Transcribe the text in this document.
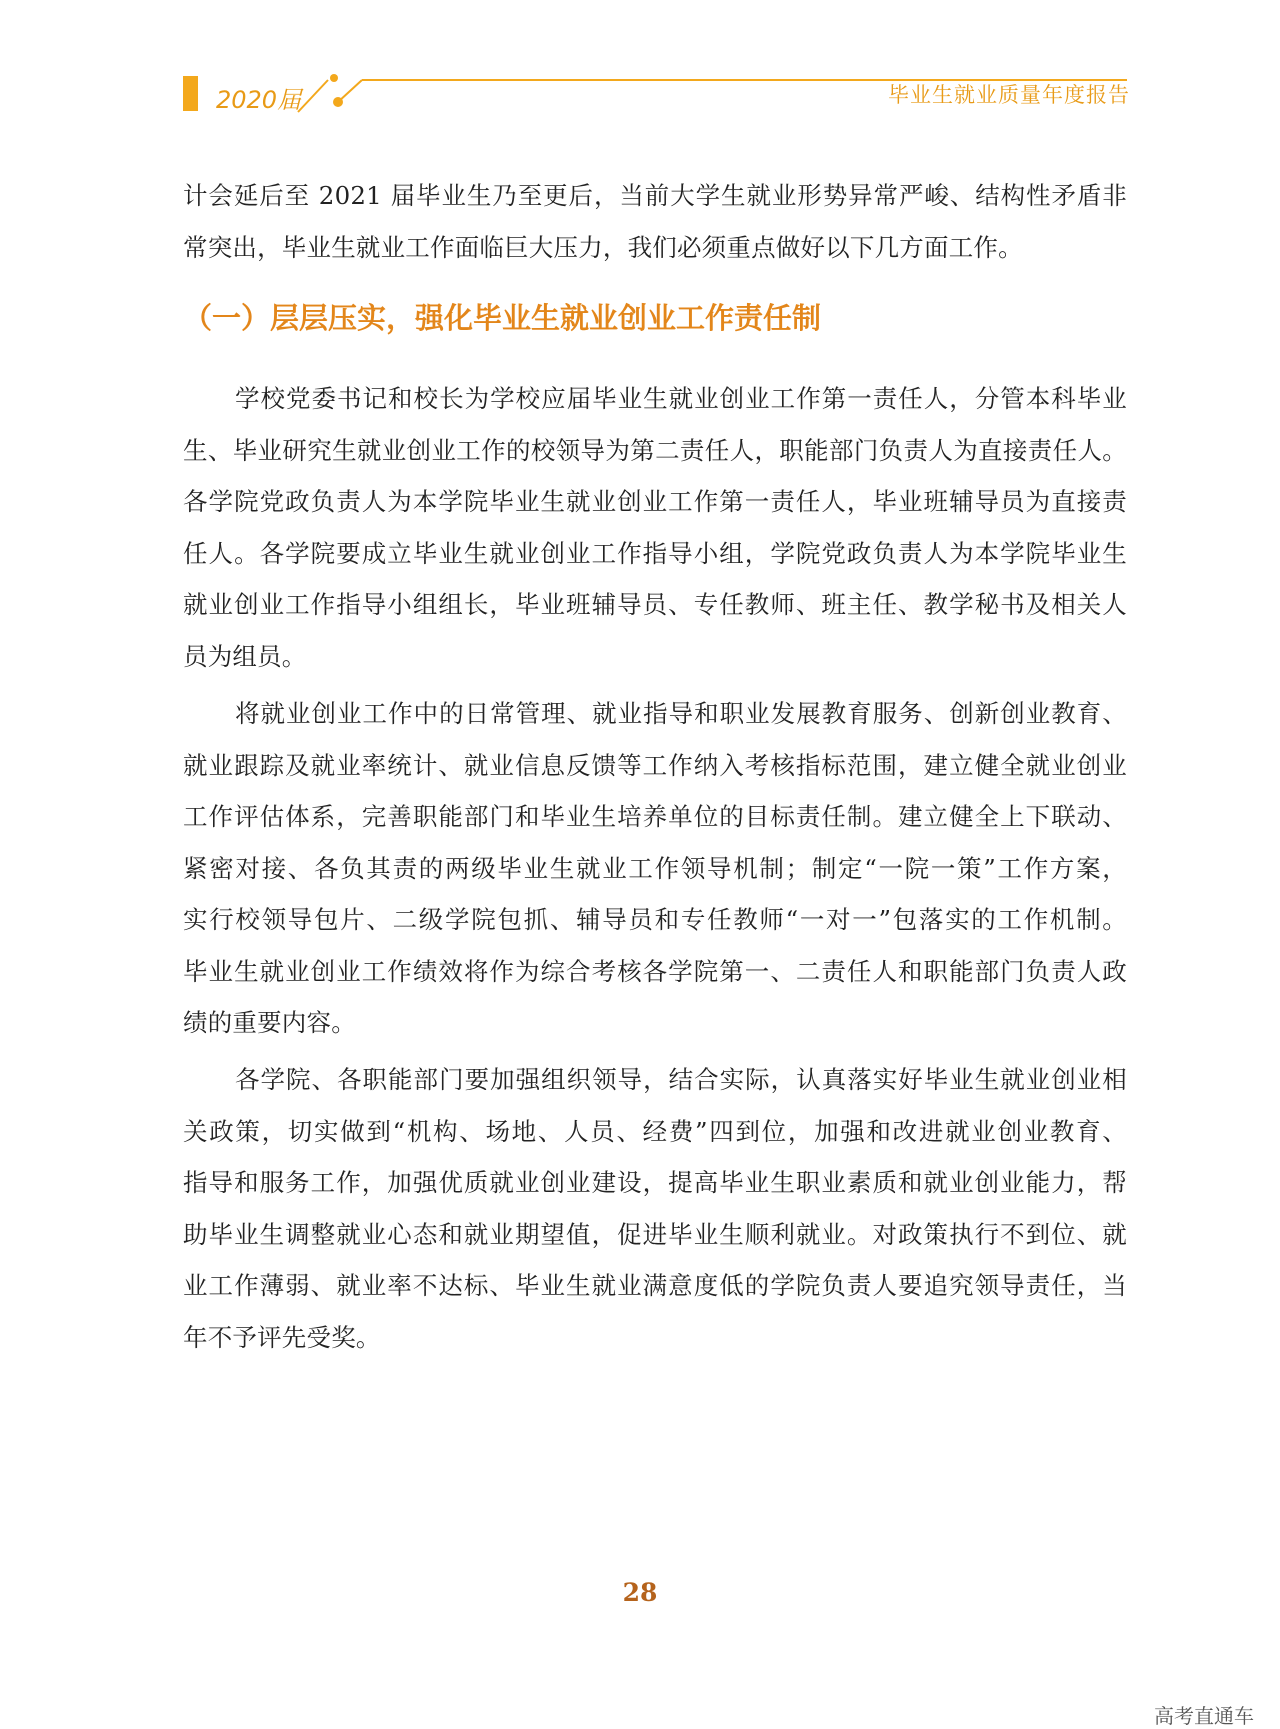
2020届	毕业生就业质量年度报告
计会延后至 2021 届毕业生乃至更后，当前大学生就业形势异常严峻、结构性矛盾非
常突出，毕业生就业工作面临巨大压力，我们必须重点做好以下几方面工作。
（一）层层压实，强化毕业生就业创业工作责任制
学校党委书记和校长为学校应届毕业生就业创业工作第一责任人，分管本科毕业
生、毕业研究生就业创业工作的校领导为第二责任人，职能部门负责人为直接责任人。
各学院党政负责人为本学院毕业生就业创业工作第一责任人，毕业班辅导员为直接责
任人。各学院要成立毕业生就业创业工作指导小组，学院党政负责人为本学院毕业生
就业创业工作指导小组组长，毕业班辅导员、专任教师、班主任、教学秘书及相关人
员为组员。
将就业创业工作中的日常管理、就业指导和职业发展教育服务、创新创业教育、
就业跟踪及就业率统计、就业信息反馈等工作纳入考核指标范围，建立健全就业创业
工作评估体系，完善职能部门和毕业生培养单位的目标责任制。建立健全上下联动、
紧密对接、各负其责的两级毕业生就业工作领导机制；制定“一院一策”工作方案，
实行校领导包片、二级学院包抓、辅导员和专任教师“一对一”包落实的工作机制。
毕业生就业创业工作绩效将作为综合考核各学院第一、二责任人和职能部门负责人政
绩的重要内容。
各学院、各职能部门要加强组织领导，结合实际，认真落实好毕业生就业创业相
关政策，切实做到“机构、场地、人员、经费”四到位，加强和改进就业创业教育、
指导和服务工作，加强优质就业创业建设，提高毕业生职业素质和就业创业能力，帮
助毕业生调整就业心态和就业期望值，促进毕业生顺利就业。对政策执行不到位、就
业工作薄弱、就业率不达标、毕业生就业满意度低的学院负责人要追究领导责任，当
年不予评先受奖。
28
高考直通车
